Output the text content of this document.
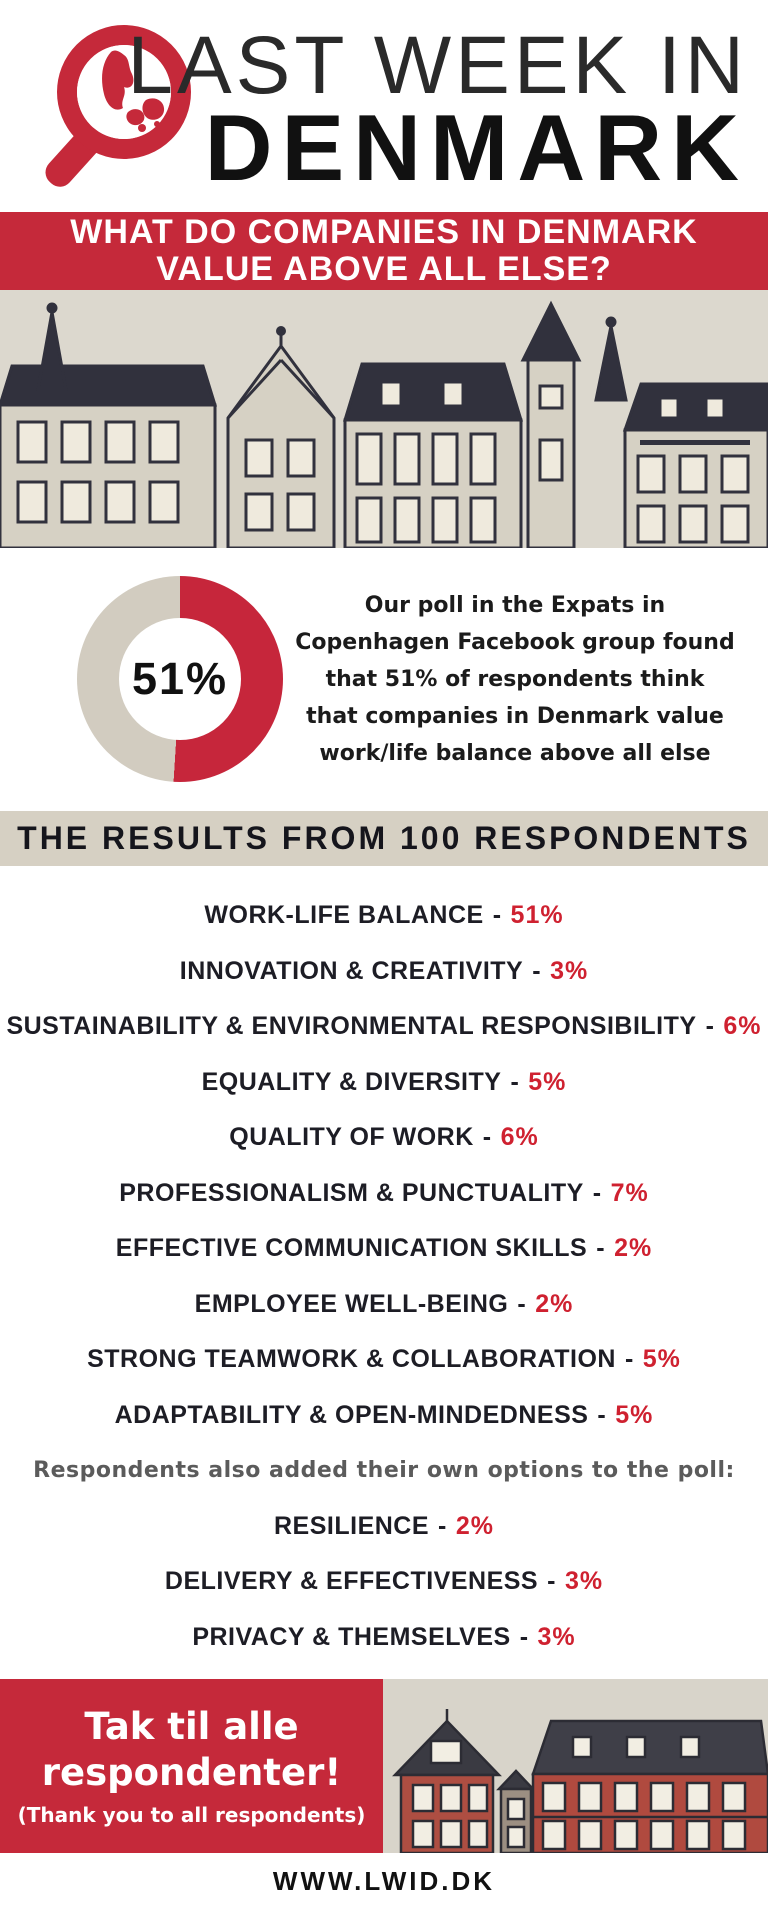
LAST WEEK IN
DENMARK
WHAT DO COMPANIES IN DENMARK
VALUE ABOVE ALL ELSE?
51%
Our poll in the Expats in
Copenhagen Facebook group found
that 51% of respondents think
that companies in Denmark value
work/life balance above all else
THE RESULTS FROM 100 RESPONDENTS
WORK-LIFE BALANCE - 51%
INNOVATION & CREATIVITY - 3%
SUSTAINABILITY & ENVIRONMENTAL RESPONSIBILITY - 6%
EQUALITY & DIVERSITY - 5%
QUALITY OF WORK - 6%
PROFESSIONALISM & PUNCTUALITY - 7%
EFFECTIVE COMMUNICATION SKILLS - 2%
EMPLOYEE WELL-BEING - 2%
STRONG TEAMWORK & COLLABORATION - 5%
ADAPTABILITY & OPEN-MINDEDNESS - 5%
Respondents also added their own options to the poll:
RESILIENCE - 2%
DELIVERY & EFFECTIVENESS - 3%
PRIVACY & THEMSELVES - 3%
Tak til alle
respondenter!
(Thank you to all respondents)
WWW.LWID.DK
